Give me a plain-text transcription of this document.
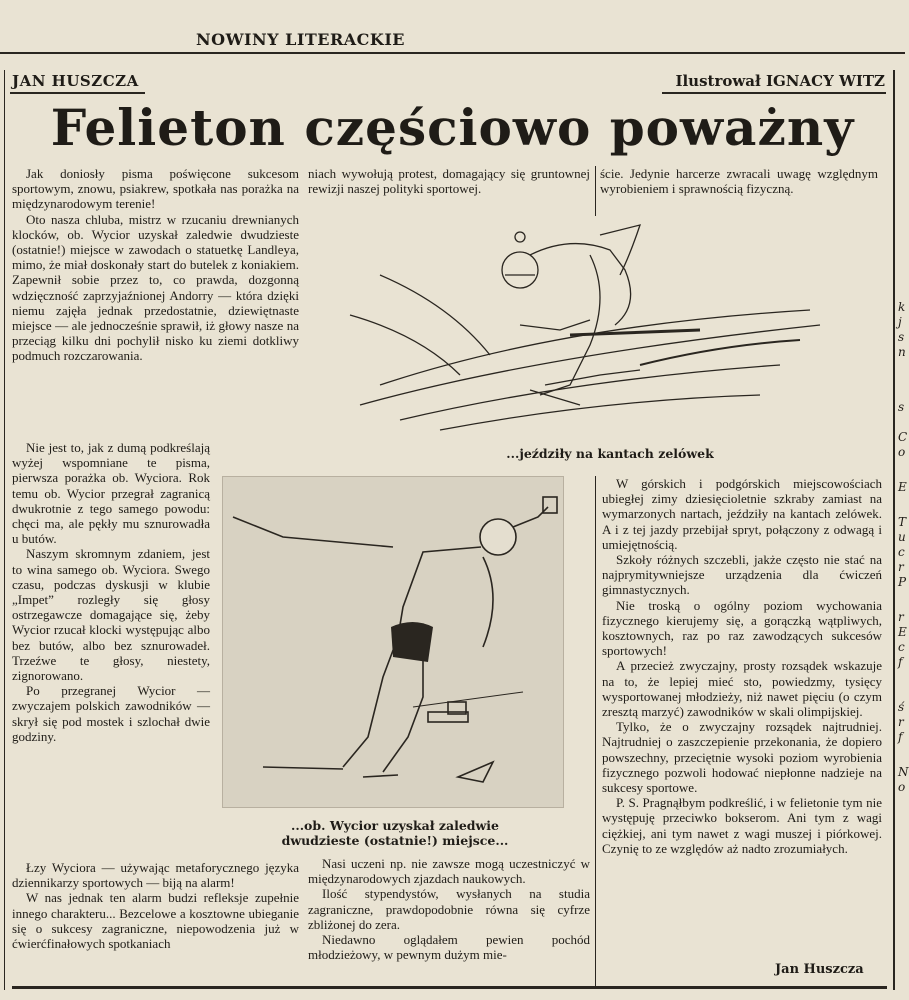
NOWINY LITERACKIE
JAN HUSZCZA	Ilustrował IGNACY WITZ
Felieton częściowo poważny

Jak doniosły pisma poświęcone sukcesom sportowym, znowu, psiakrew, spotkała nas porażka na międzynarodowym terenie!

Oto nasza chluba, mistrz w rzucaniu drewnianych klocków, ob. Wycior uzyskał zaledwie dwudzieste (ostatnie!) miejsce w zawodach o statuetkę Landleya, mimo, że miał doskonały start do butelek z koniakiem. Zapewnił sobie przez to, co prawda, dozgonną wdzięczność zaprzyjaźnionej Andorry — która dzięki niemu zajęła jednak przedostatnie, dziewiętnaste miejsce — ale jednocześnie sprawił, iż głowy nasze na przeciąg kilku dni pochylił nisko ku ziemi dotkliwy podmuch rozczarowania.

Nie jest to, jak z dumą podkreślają wyżej wspomniane te pisma, pierwsza porażka ob. Wyciora. Rok temu ob. Wycior przegrał zagranicą dwukrotnie z tego samego powodu: chęci ma, ale pękły mu sznurowadła u butów.

Naszym skromnym zdaniem, jest to wina samego ob. Wyciora. Swego czasu, podczas dyskusji w klubie „Impet” rozległy się głosy ostrzegawcze domagające się, żeby Wycior rzucał klocki występując albo bez butów, albo bez sznurowadeł. Trzeźwe te głosy, niestety, zignorowano.

Po przegranej Wycior — zwyczajem polskich zawodników — skrył się pod mostek i szlochał dwie godziny.

Łzy Wyciora — używając metaforycznego języka dziennikarzy sportowych — biją na alarm!

W nas jednak ten alarm budzi refleksje zupełnie innego charakteru... Bezcelowe a kosztowne ubieganie się o sukcesy zagraniczne, niepowodzenia już w ćwierćfinałowych spotkaniach

niach wywołują protest, domagający się gruntownej rewizji naszej polityki sportowej.
ście. Jedynie harcerze zwracali uwagę względnym wyrobieniem i sprawnością fizyczną.
...jeździły na kantach zelówek
...ob. Wycior uzyskał zaledwie dwudzieste (ostatnie!) miejsce...

Nasi uczeni np. nie zawsze mogą uczestniczyć w międzynarodowych zjazdach naukowych.

Ilość stypendystów, wysłanych na studia zagraniczne, prawdopodobnie równa się cyfrze zbliżonej do zera.

Niedawno oglądałem pewien pochód młodzieżowy, w pewnym dużym mie-

W górskich i podgórskich miejscowościach ubiegłej zimy dziesięcioletnie szkraby zamiast na wymarzonych nartach, jeździły na kantach zelówek. A i z tej jazdy przebijał spryt, połączony z odwagą i umiejętnością.

Szkoły różnych szczebli, jakże często nie stać na najprymitywniejsze urządzenia dla ćwiczeń gimnastycznych.

Nie troską o ogólny poziom wychowania fizycznego kierujemy się, a gorączką wątpliwych, kosztownych, raz po raz zawodzących sukcesów sportowych!

A przecież zwyczajny, prosty rozsądek wskazuje na to, że lepiej mieć sto, powiedzmy, tysięcy wysportowanej młodzieży, niż nawet pięciu (o czym zresztą marzyć) zawodników w skali olimpijskiej.

Tylko, że o zwyczajny rozsądek najtrudniej. Najtrudniej o zaszczepienie przekonania, że dopiero powszechny, przeciętnie wysoki poziom wyrobienia fizycznego pozwoli hodować niepłonne nadzieje na sukcesy sportowe.

P. S. Pragnąłbym podkreślić, i w felietonie tym nie występuję przeciwko bokserom. Ani tym z wagi ciężkiej, ani tym nawet z wagi muszej i piórkowej. Czynię to ze względów aż nadto zrozumiałych.

Jan Huszcza
k
j
s
n
s
C
o
E
T
u
c
r
P
r
E
c
f
ś
r
f
N
o
